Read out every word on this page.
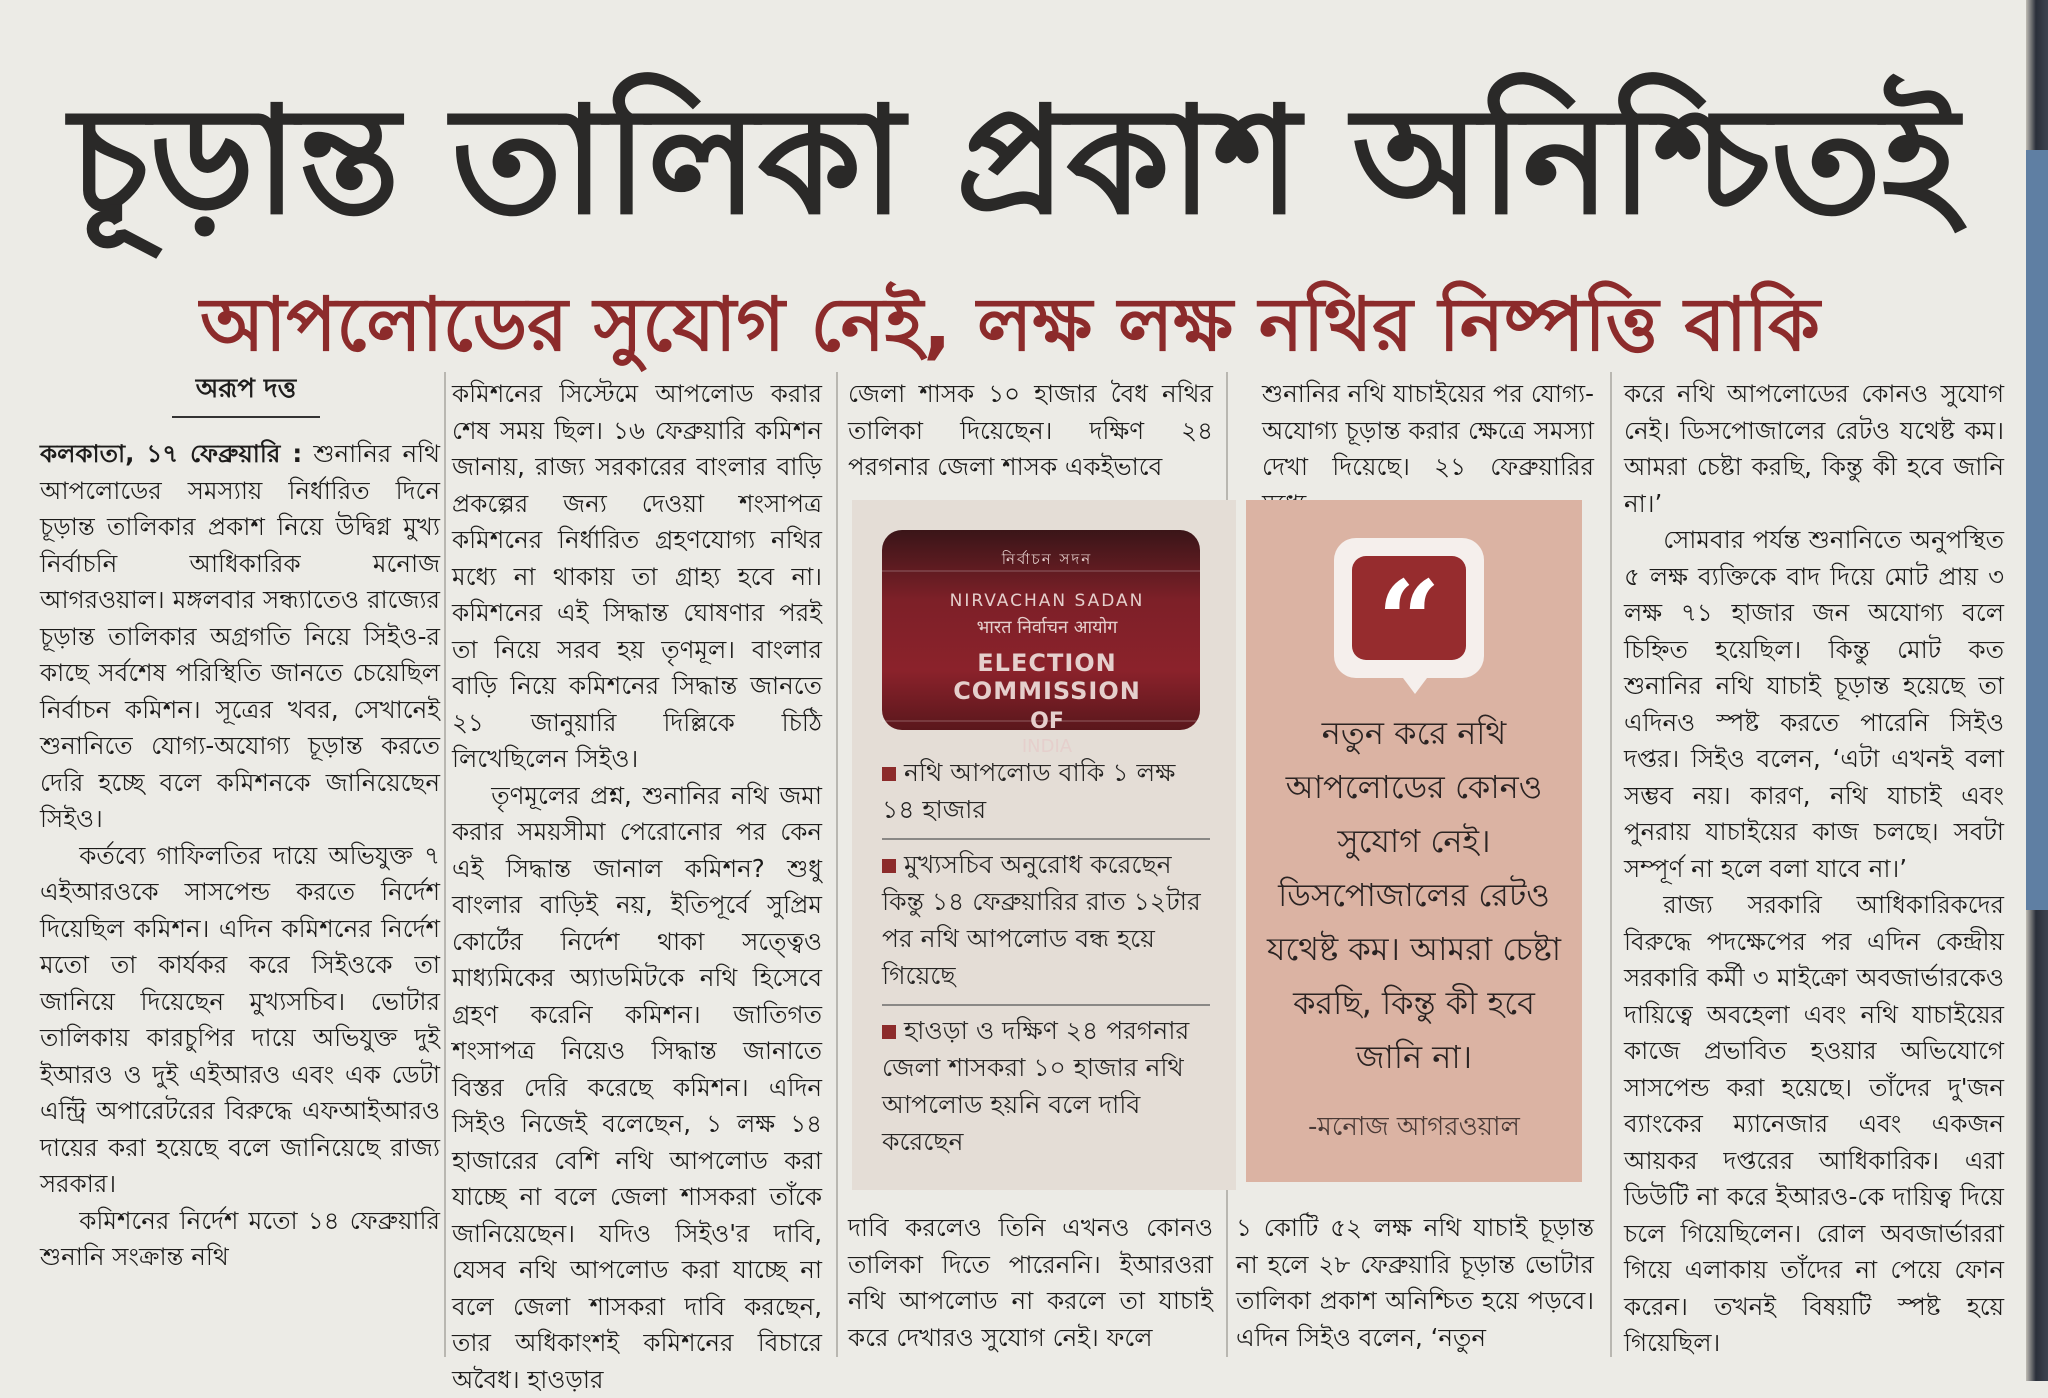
চূড়ান্ত তালিকা প্রকাশ অনিশ্চিতই
আপলোডের সুযোগ নেই, লক্ষ লক্ষ নথির নিষ্পত্তি বাকি
অরূপ দত্ত

কলকাতা, ১৭ ফেব্রুয়ারি : শুনানির নথি আপলোডের সমস্যায় নির্ধারিত দিনে চূড়ান্ত তালিকার প্রকাশ নিয়ে উদ্বিগ্ন মুখ্য নির্বাচনি আধিকারিক মনোজ আগরওয়াল। মঙ্গলবার সন্ধ্যাতেও রাজ্যের চূড়ান্ত তালিকার অগ্রগতি নিয়ে সিইও-র কাছে সর্বশেষ পরিস্থিতি জানতে চেয়েছিল নির্বাচন কমিশন। সূত্রের খবর, সেখানেই শুনানিতে যোগ্য-অযোগ্য চূড়ান্ত করতে দেরি হচ্ছে বলে কমিশনকে জানিয়েছেন সিইও।

কর্তব্যে গাফিলতির দায়ে অভিযুক্ত ৭ এইআরওকে সাসপেন্ড করতে নির্দেশ দিয়েছিল কমিশন। এদিন কমিশনের নির্দেশ মতো তা কার্যকর করে সিইওকে তা জানিয়ে দিয়েছেন মুখ্যসচিব। ভোটার তালিকায় কারচুপির দায়ে অভিযুক্ত দুই ইআরও ও দুই এইআরও এবং এক ডেটা এন্ট্রি অপারেটরের বিরুদ্ধে এফআইআরও দায়ের করা হয়েছে বলে জানিয়েছে রাজ্য সরকার।

কমিশনের নির্দেশ মতো ১৪ ফেব্রুয়ারি শুনানি সংক্রান্ত নথি

কমিশনের সিস্টেমে আপলোড করার শেষ সময় ছিল। ১৬ ফেব্রুয়ারি কমিশন জানায়, রাজ্য সরকারের বাংলার বাড়ি প্রকল্পের জন্য দেওয়া শংসাপত্র কমিশনের নির্ধারিত গ্রহণযোগ্য নথির মধ্যে না থাকায় তা গ্রাহ্য হবে না। কমিশনের এই সিদ্ধান্ত ঘোষণার পরই তা নিয়ে সরব হয় তৃণমূল। বাংলার বাড়ি নিয়ে কমিশনের সিদ্ধান্ত জানতে ২১ জানুয়ারি দিল্লিকে চিঠি লিখেছিলেন সিইও।

তৃণমূলের প্রশ্ন, শুনানির নথি জমা করার সময়সীমা পেরোনোর পর কেন এই সিদ্ধান্ত জানাল কমিশন? শুধু বাংলার বাড়িই নয়, ইতিপূর্বে সুপ্রিম কোর্টের নির্দেশ থাকা সত্ত্বেও মাধ্যমিকের অ্যাডমিটকে নথি হিসেবে গ্রহণ করেনি কমিশন। জাতিগত শংসাপত্র নিয়েও সিদ্ধান্ত জানাতে বিস্তর দেরি করেছে কমিশন। এদিন সিইও নিজেই বলেছেন, ১ লক্ষ ১৪ হাজারের বেশি নথি আপলোড করা যাচ্ছে না বলে জেলা শাসকরা তাঁকে জানিয়েছেন। যদিও সিইও'র দাবি, যেসব নথি আপলোড করা যাচ্ছে না বলে জেলা শাসকরা দাবি করছেন, তার অধিকাংশই কমিশনের বিচারে অবৈধ। হাওড়ার

জেলা শাসক ১০ হাজার বৈধ নথির তালিকা দিয়েছেন। দক্ষিণ ২৪ পরগনার জেলা শাসক একইভাবে

শুনানির নথি যাচাইয়ের পর যোগ্য-অযোগ্য চূড়ান্ত করার ক্ষেত্রে সমস্যা দেখা দিয়েছে। ২১ ফেব্রুয়ারির

করে নথি আপলোডের কোনও সুযোগ নেই। ডিসপোজালের রেটও যথেষ্ট কম। আমরা চেষ্টা করছি, কিন্তু কী হবে জানি না।’

সোমবার পর্যন্ত শুনানিতে অনুপস্থিত ৫ লক্ষ ব্যক্তিকে বাদ দিয়ে মোট প্রায় ৩ লক্ষ ৭১ হাজার জন অযোগ্য বলে চিহ্নিত হয়েছিল। কিন্তু মোট কত শুনানির নথি যাচাই চূড়ান্ত হয়েছে তা এদিনও স্পষ্ট করতে পারেনি সিইও দপ্তর। সিইও বলেন, ‘এটা এখনই বলা সম্ভব নয়। কারণ, নথি যাচাই এবং পুনরায় যাচাইয়ের কাজ চলছে। সবটা সম্পূর্ণ না হলে বলা যাবে না।’

রাজ্য সরকারি আধিকারিকদের বিরুদ্ধে পদক্ষেপের পর এদিন কেন্দ্রীয় সরকারি কর্মী ৩ মাইক্রো অবজার্ভারকেও দায়িত্বে অবহেলা এবং নথি যাচাইয়ের কাজে প্রভাবিত হওয়ার অভিযোগে সাসপেন্ড করা হয়েছে। তাঁদের দু'জন ব্যাংকের ম্যানেজার এবং একজন আয়কর দপ্তরের আধিকারিক। এরা ডিউটি না করে ইআরও-কে দায়িত্ব দিয়ে চলে গিয়েছিলেন। রোল অবজার্ভাররা গিয়ে এলাকায় তাঁদের না পেয়ে ফোন করেন। তখনই বিষয়টি স্পষ্ট হয়ে গিয়েছিল।

দাবি করলেও তিনি এখনও কোনও তালিকা দিতে পারেননি। ইআরওরা নথি আপলোড না করলে তা যাচাই করে দেখারও সুযোগ নেই। ফলে

১ কোটি ৫২ লক্ষ নথি যাচাই চূড়ান্ত না হলে ২৮ ফেব্রুয়ারি চূড়ান্ত ভোটার তালিকা প্রকাশ অনিশ্চিত হয়ে পড়বে। এদিন সিইও বলেন, ‘নতুন

নির্বাচন সদন
NIRVACHAN SADAN
भारत निर्वाचन आयोग
ELECTION COMMISSION
OF
INDIA
নথি আপলোড বাকি ১ লক্ষ ১৪ হাজার
মুখ্যসচিব অনুরোধ করেছেন কিন্তু ১৪ ফেব্রুয়ারির রাত ১২টার পর নথি আপলোড বন্ধ হয়ে গিয়েছে
হাওড়া ও দক্ষিণ ২৪ পরগনার জেলা শাসকরা ১০ হাজার নথি আপলোড হয়নি বলে দাবি করেছেন
“
নতুন করে নথি আপলোডের কোনও সুযোগ নেই। ডিসপোজালের রেটও যথেষ্ট কম। আমরা চেষ্টা করছি, কিন্তু কী হবে জানি না।
-মনোজ আগরওয়াল
